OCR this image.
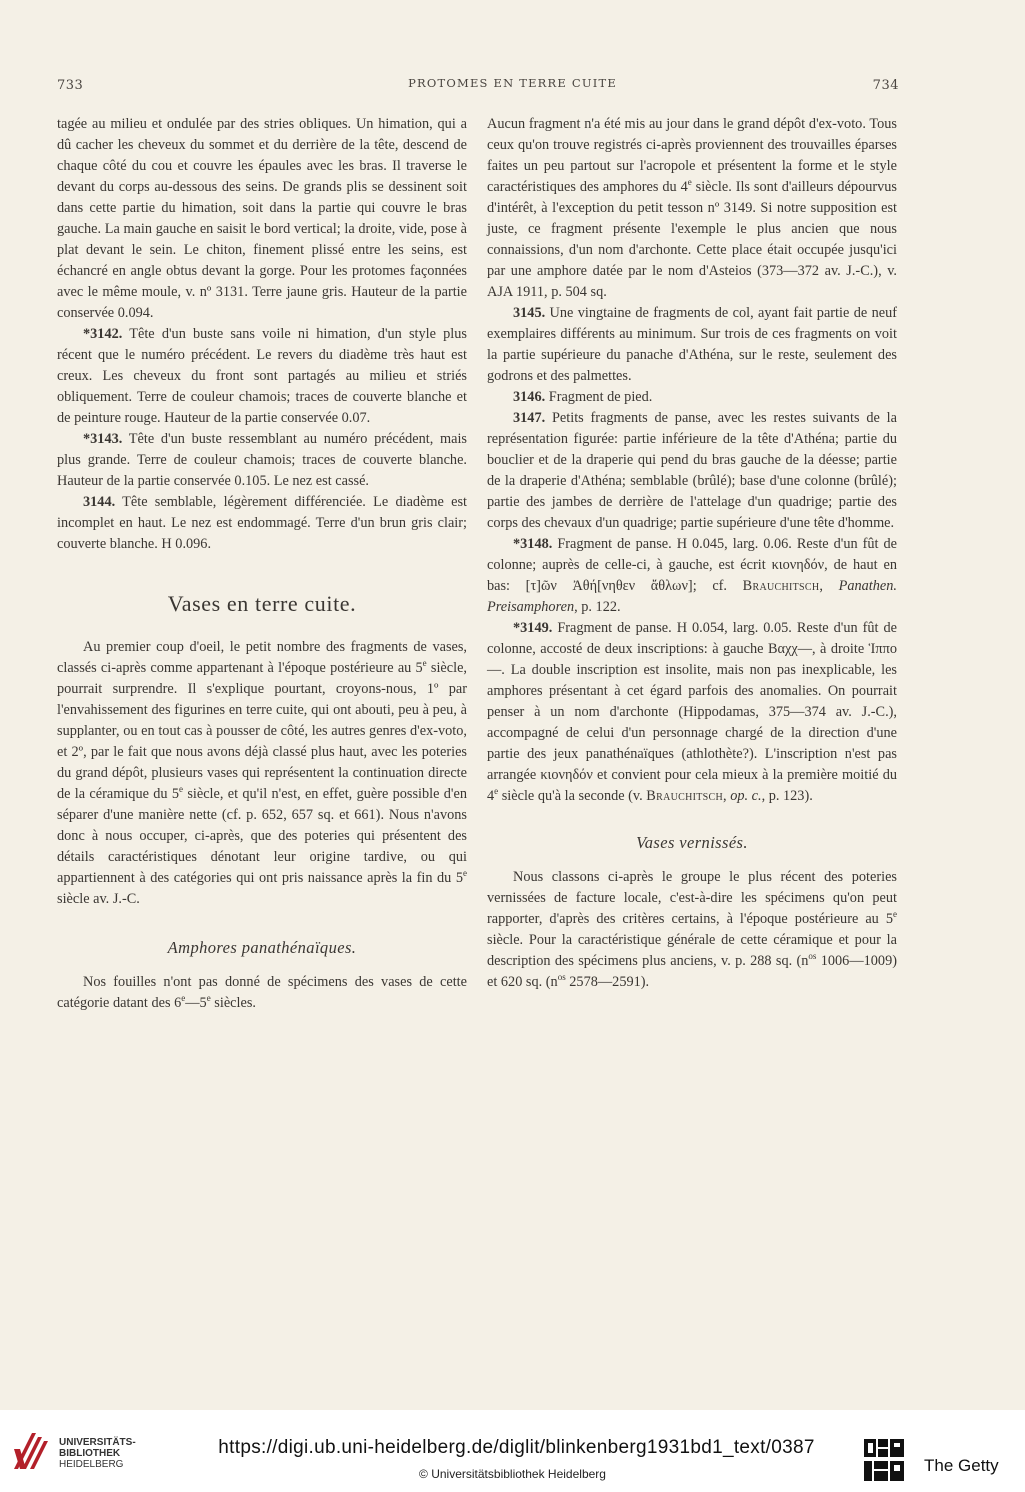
733	PROTOMES EN TERRE CUITE	734

tagée au milieu et ondulée par des stries obliques. Un himation, qui a dû cacher les cheveux du sommet et du derrière de la tête, descend de chaque côté du cou et couvre les épaules avec les bras. Il traverse le devant du corps au-dessous des seins. De grands plis se dessinent soit dans cette partie du himation, soit dans la partie qui couvre le bras gauche. La main gauche en saisit le bord vertical; la droite, vide, pose à plat devant le sein. Le chiton, finement plissé entre les seins, est échancré en angle obtus devant la gorge. Pour les protomes façonnées avec le même moule, v. nº 3131. Terre jaune gris. Hauteur de la partie conservée 0.094.

*3142. Tête d'un buste sans voile ni himation, d'un style plus récent que le numéro précédent. Le revers du diadème très haut est creux. Les cheveux du front sont partagés au milieu et striés obliquement. Terre de couleur chamois; traces de couverte blanche et de peinture rouge. Hauteur de la partie conservée 0.07.

*3143. Tête d'un buste ressemblant au numéro précédent, mais plus grande. Terre de couleur chamois; traces de couverte blanche. Hauteur de la partie conservée 0.105. Le nez est cassé.

3144. Tête semblable, légèrement différenciée. Le diadème est incomplet en haut. Le nez est endommagé. Terre d'un brun gris clair; couverte blanche. H 0.096.

Vases en terre cuite.

Au premier coup d'oeil, le petit nombre des fragments de vases, classés ci-après comme appartenant à l'époque postérieure au 5e siècle, pourrait surprendre. Il s'explique pourtant, croyons-nous, 1º par l'envahissement des figurines en terre cuite, qui ont abouti, peu à peu, à supplanter, ou en tout cas à pousser de côté, les autres genres d'ex-voto, et 2º, par le fait que nous avons déjà classé plus haut, avec les poteries du grand dépôt, plusieurs vases qui représentent la continuation directe de la céramique du 5e siècle, et qu'il n'est, en effet, guère possible d'en séparer d'une manière nette (cf. p. 652, 657 sq. et 661). Nous n'avons donc à nous occuper, ci-après, que des poteries qui présentent des détails caractéristiques dénotant leur origine tardive, ou qui appartiennent à des catégories qui ont pris naissance après la fin du 5e siècle av. J.-C.

Amphores panathénaïques.

Nos fouilles n'ont pas donné de spécimens des vases de cette catégorie datant des 6e—5e siècles.

Aucun fragment n'a été mis au jour dans le grand dépôt d'ex-voto. Tous ceux qu'on trouve registrés ci-après proviennent des trouvailles éparses faites un peu partout sur l'acropole et présentent la forme et le style caractéristiques des amphores du 4e siècle. Ils sont d'ailleurs dépourvus d'intérêt, à l'exception du petit tesson nº 3149. Si notre supposition est juste, ce fragment présente l'exemple le plus ancien que nous connaissions, d'un nom d'archonte. Cette place était occupée jusqu'ici par une amphore datée par le nom d'Asteios (373—372 av. J.-C.), v. AJA 1911, p. 504 sq.

3145. Une vingtaine de fragments de col, ayant fait partie de neuf exemplaires différents au minimum. Sur trois de ces fragments on voit la partie supérieure du panache d'Athéna, sur le reste, seulement des godrons et des palmettes.

3146. Fragment de pied.

3147. Petits fragments de panse, avec les restes suivants de la représentation figurée: partie inférieure de la tête d'Athéna; partie du bouclier et de la draperie qui pend du bras gauche de la déesse; partie de la draperie d'Athéna; semblable (brûlé); base d'une colonne (brûlé); partie des jambes de derrière de l'attelage d'un quadrige; partie des corps des chevaux d'un quadrige; partie supérieure d'une tête d'homme.

*3148. Fragment de panse. H 0.045, larg. 0.06. Reste d'un fût de colonne; auprès de celle-ci, à gauche, est écrit κιονηδόν, de haut en bas: [τ]ῶν Ἀθή[νηθεν ἄθλων]; cf. Brauchitsch, Panathen. Preisamphoren, p. 122.

*3149. Fragment de panse. H 0.054, larg. 0.05. Reste d'un fût de colonne, accosté de deux inscriptions: à gauche Βαχχ—, à droite Ἱππο—. La double inscription est insolite, mais non pas inexplicable, les amphores présentant à cet égard parfois des anomalies. On pourrait penser à un nom d'archonte (Hippodamas, 375—374 av. J.-C.), accompagné de celui d'un personnage chargé de la direction d'une partie des jeux panathénaïques (athlothète?). L'inscription n'est pas arrangée κιονηδόν et convient pour cela mieux à la première moitié du 4e siècle qu'à la seconde (v. Brauchitsch, op. c., p. 123).

Vases vernissés.

Nous classons ci-après le groupe le plus récent des poteries vernissées de facture locale, c'est-à-dire les spécimens qu'on peut rapporter, d'après des critères certains, à l'époque postérieure au 5e siècle. Pour la caractéristique générale de cette céramique et pour la description des spécimens plus anciens, v. p. 288 sq. ($n^{os}$ 1006—1009) et 620 sq. ($n^{os}$ 2578—2591).

UNIVERSITÄTS-
BIBLIOTHEK
HEIDELBERG
https://digi.ub.uni-heidelberg.de/diglit/blinkenberg1931bd1_text/0387
© Universitätsbibliothek Heidelberg	The Getty
